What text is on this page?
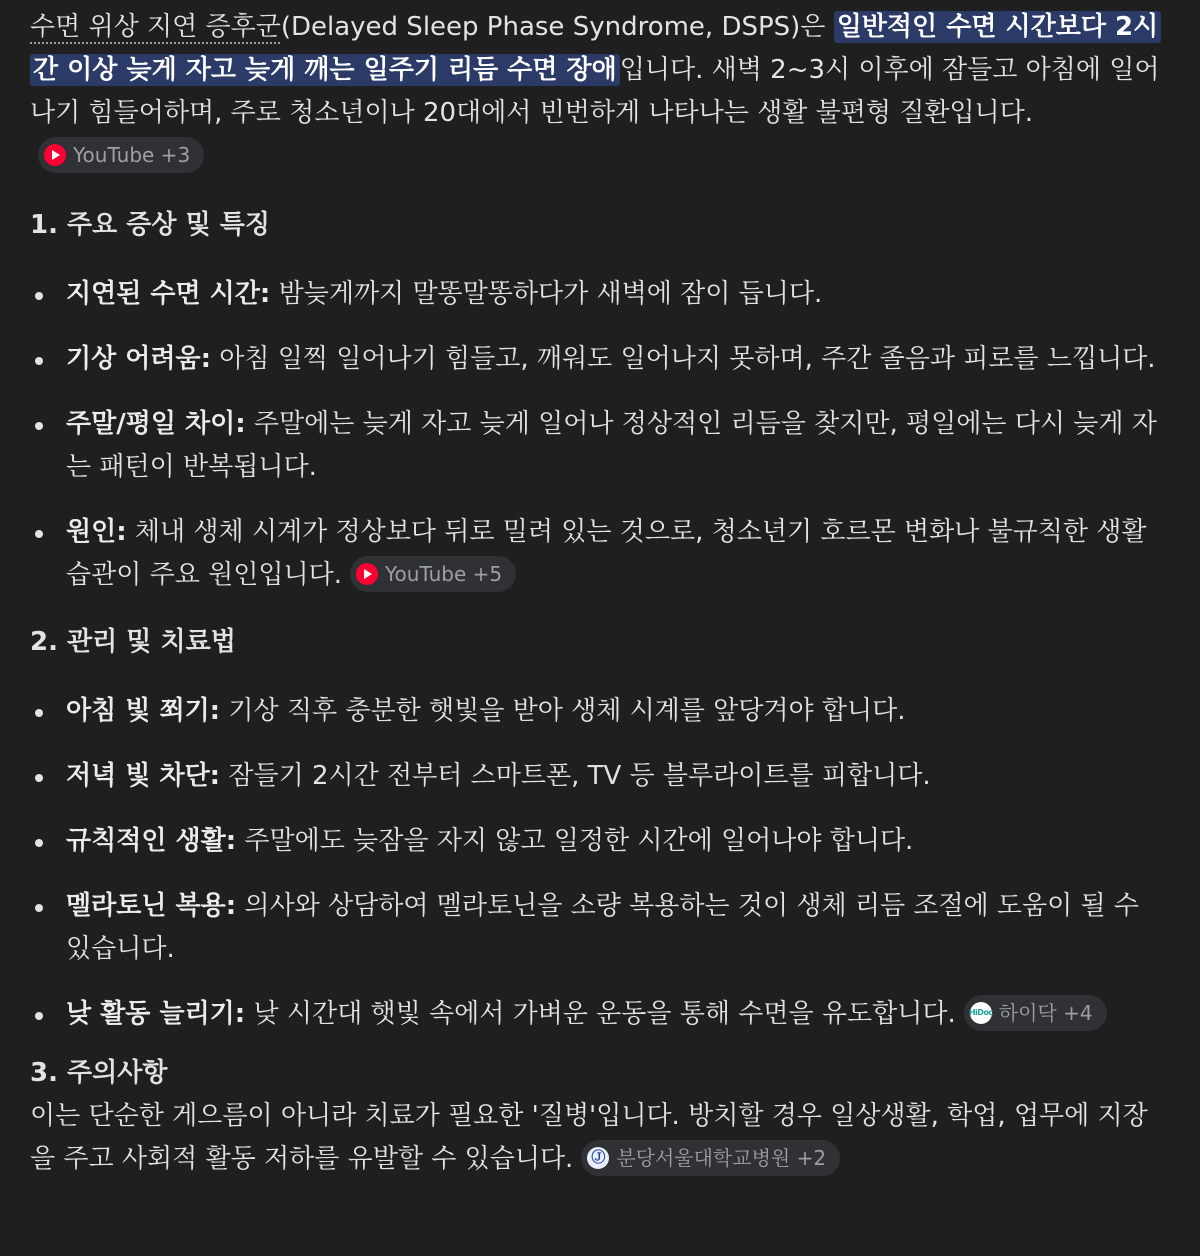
수면 위상 지연 증후군(Delayed Sleep Phase Syndrome, DSPS)은 일반적인 수면 시간보다 2시간 이상 늦게 자고 늦게 깨는 일주기 리듬 수면 장애 입니다. 새벽 2~3시 이후에 잠들고 아침에 일어나기 힘들어하며, 주로 청소년이나 20대에서 빈번하게 나타나는 생활 불편형 질환입니다.
YouTube +3

1. 주요 증상 및 특징

지연된 수면 시간: 밤늦게까지 말똥말똥하다가 새벽에 잠이 듭니다.
기상 어려움: 아침 일찍 일어나기 힘들고, 깨워도 일어나지 못하며, 주간 졸음과 피로를 느낍니다.
주말/평일 차이: 주말에는 늦게 자고 늦게 일어나 정상적인 리듬을 찾지만, 평일에는 다시 늦게 자는 패턴이 반복됩니다.
원인: 체내 생체 시계가 정상보다 뒤로 밀려 있는 것으로, 청소년기 호르몬 변화나 불규칙한 생활 습관이 주요 원인입니다. YouTube +5

2. 관리 및 치료법

아침 빛 쬐기: 기상 직후 충분한 햇빛을 받아 생체 시계를 앞당겨야 합니다.
저녁 빛 차단: 잠들기 2시간 전부터 스마트폰, TV 등 블루라이트를 피합니다.
규칙적인 생활: 주말에도 늦잠을 자지 않고 일정한 시간에 일어나야 합니다.
멜라토닌 복용: 의사와 상담하여 멜라토닌을 소량 복용하는 것이 생체 리듬 조절에 도움이 될 수 있습니다.
낮 활동 늘리기: 낮 시간대 햇빛 속에서 가벼운 운동을 통해 수면을 유도합니다. HiDoc 하이닥 +4

3. 주의사항

이는 단순한 게으름이 아니라 치료가 필요한 '질병'입니다. 방치할 경우 일상생활, 학업, 업무에 지장을 주고 사회적 활동 저하를 유발할 수 있습니다. Ⓙ 분당서울대학교병원 +2
